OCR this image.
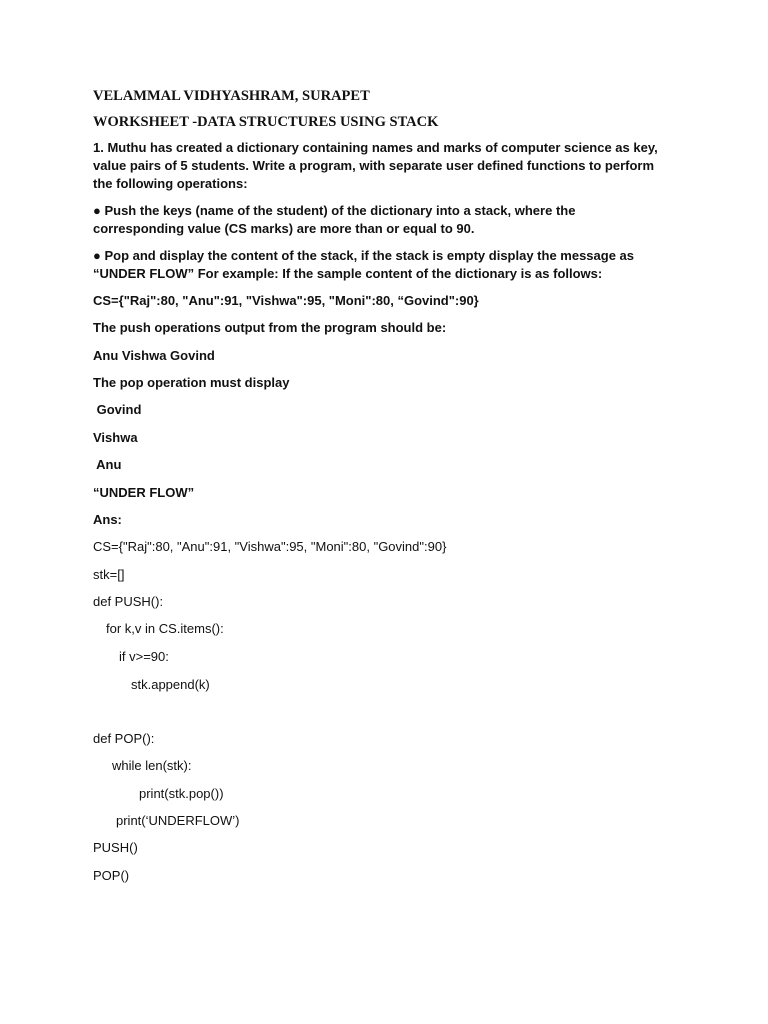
VELAMMAL VIDHYASHRAM, SURAPET
WORKSHEET -DATA STRUCTURES USING STACK

1. Muthu has created a dictionary containing names and marks of computer science as key, value pairs of 5 students. Write a program, with separate user defined functions to perform the following operations:

● Push the keys (name of the student) of the dictionary into a stack, where the corresponding value (CS marks) are more than or equal to 90.

● Pop and display the content of the stack, if the stack is empty display the message as “UNDER FLOW” For example: If the sample content of the dictionary is as follows:

CS={"Raj":80, "Anu":91, "Vishwa":95, "Moni":80, “Govind":90}
The push operations output from the program should be:
Anu Vishwa Govind
The pop operation must display
Govind
Vishwa
Anu
“UNDER FLOW”
Ans:
CS={"Raj":80, "Anu":91, "Vishwa":95, "Moni":80, "Govind":90}
stk=[]
def PUSH():
for k,v in CS.items():
if v>=90:
stk.append(k)
def POP():
while len(stk):
print(stk.pop())
print(‘UNDERFLOW’)
PUSH()
POP()
